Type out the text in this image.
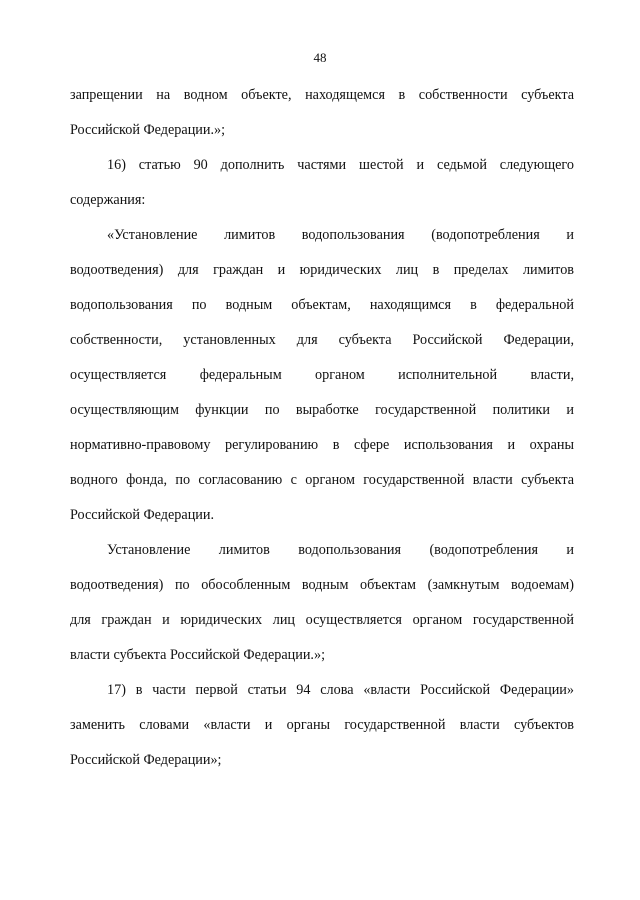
48
запрещении на водном объекте, находящемся в собственности субъекта
Российской Федерации.»;
16) статью 90 дополнить частями шестой и седьмой следующего
содержания:
«Установление лимитов водопользования (водопотребления и
водоотведения) для граждан и юридических лиц в пределах лимитов
водопользования по водным объектам, находящимся в федеральной
собственности, установленных для субъекта Российской Федерации,
осуществляется федеральным органом исполнительной власти,
осуществляющим функции по выработке государственной политики и
нормативно-правовому регулированию в сфере использования и охраны
водного фонда, по согласованию с органом государственной власти субъекта
Российской Федерации.
Установление лимитов водопользования (водопотребления и
водоотведения) по обособленным водным объектам (замкнутым водоемам)
для граждан и юридических лиц осуществляется органом государственной
власти субъекта Российской Федерации.»;
17) в части первой статьи 94 слова «власти Российской Федерации»
заменить словами «власти и органы государственной власти субъектов
Российской Федерации»;
